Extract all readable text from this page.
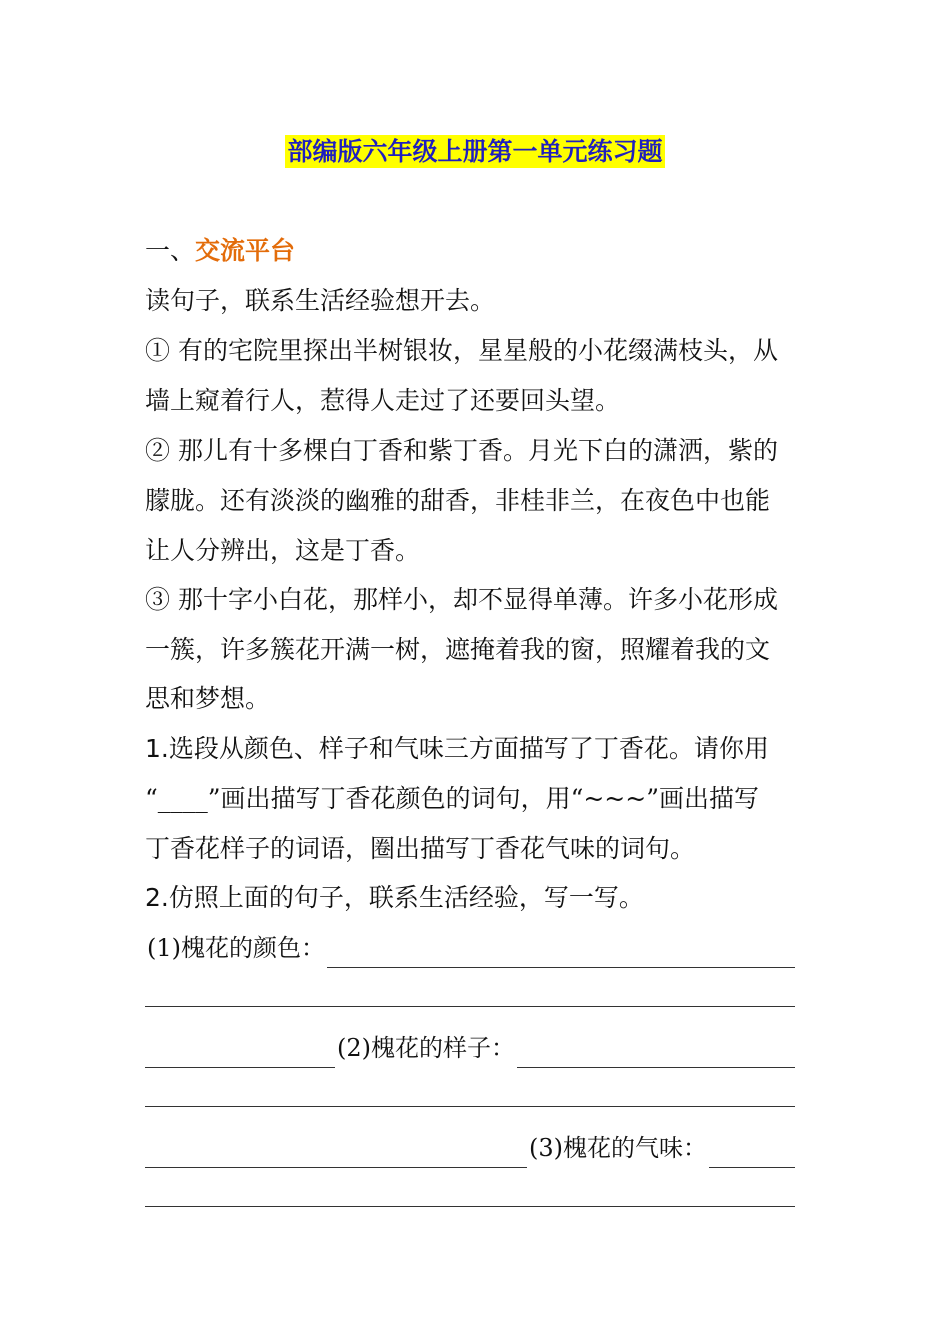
部编版六年级上册第一单元练习题
一、交流平台
读句子，联系生活经验想开去。
① 有的宅院里探出半树银妆，星星般的小花缀满枝头，从
墙上窥着行人，惹得人走过了还要回头望。
② 那儿有十多棵白丁香和紫丁香。月光下白的潇洒，紫的
朦胧。还有淡淡的幽雅的甜香，非桂非兰，在夜色中也能
让人分辨出，这是丁香。
③ 那十字小白花，那样小，却不显得单薄。许多小花形成
一簇，许多簇花开满一树，遮掩着我的窗，照耀着我的文
思和梦想。
1.选段从颜色、样子和气味三方面描写了丁香花。请你用
“____”画出描写丁香花颜色的词句，用“~~~”画出描写
丁香花样子的词语，圈出描写丁香花气味的词句。
2.仿照上面的句子，联系生活经验，写一写。
(1)槐花的颜色：
(2)槐花的样子：
(3)槐花的气味：
